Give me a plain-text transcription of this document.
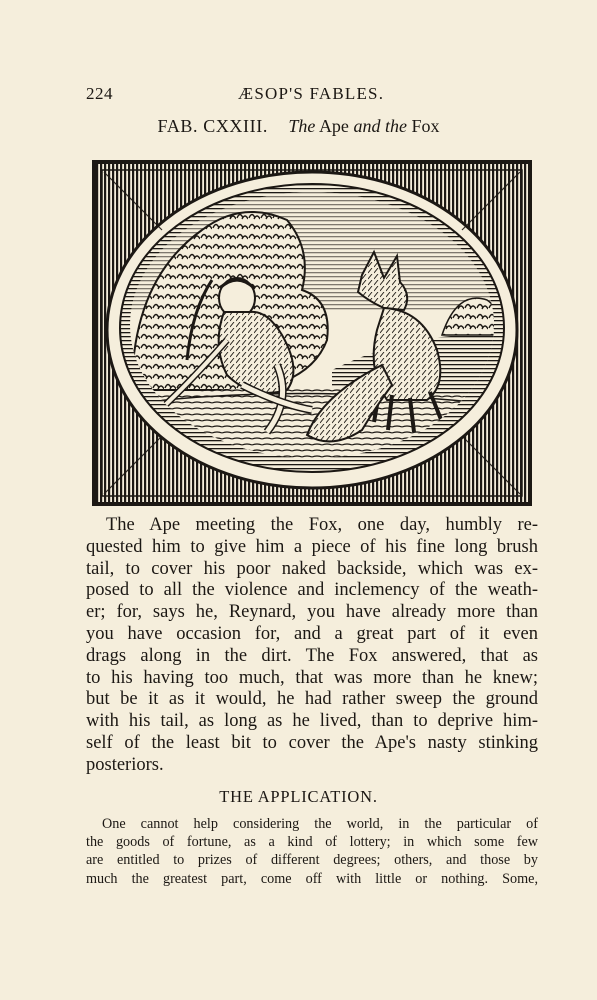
224	ÆSOP'S FABLES.
FAB. CXXIII. The Ape and the Fox
The Ape meeting the Fox, one day, humbly re-
quested him to give him a piece of his fine long brush
tail, to cover his poor naked backside, which was ex-
posed to all the violence and inclemency of the weath-
er; for, says he, Reynard, you have already more than
you have occasion for, and a great part of it even
drags along in the dirt. The Fox answered, that as
to his having too much, that was more than he knew;
but be it as it would, he had rather sweep the ground
with his tail, as long as he lived, than to deprive him-
self of the least bit to cover the Ape's nasty stinking
posteriors.
THE APPLICATION.
One cannot help considering the world, in the particular of
the goods of fortune, as a kind of lottery; in which some few
are entitled to prizes of different degrees; others, and those by
much the greatest part, come off with little or nothing. Some,
